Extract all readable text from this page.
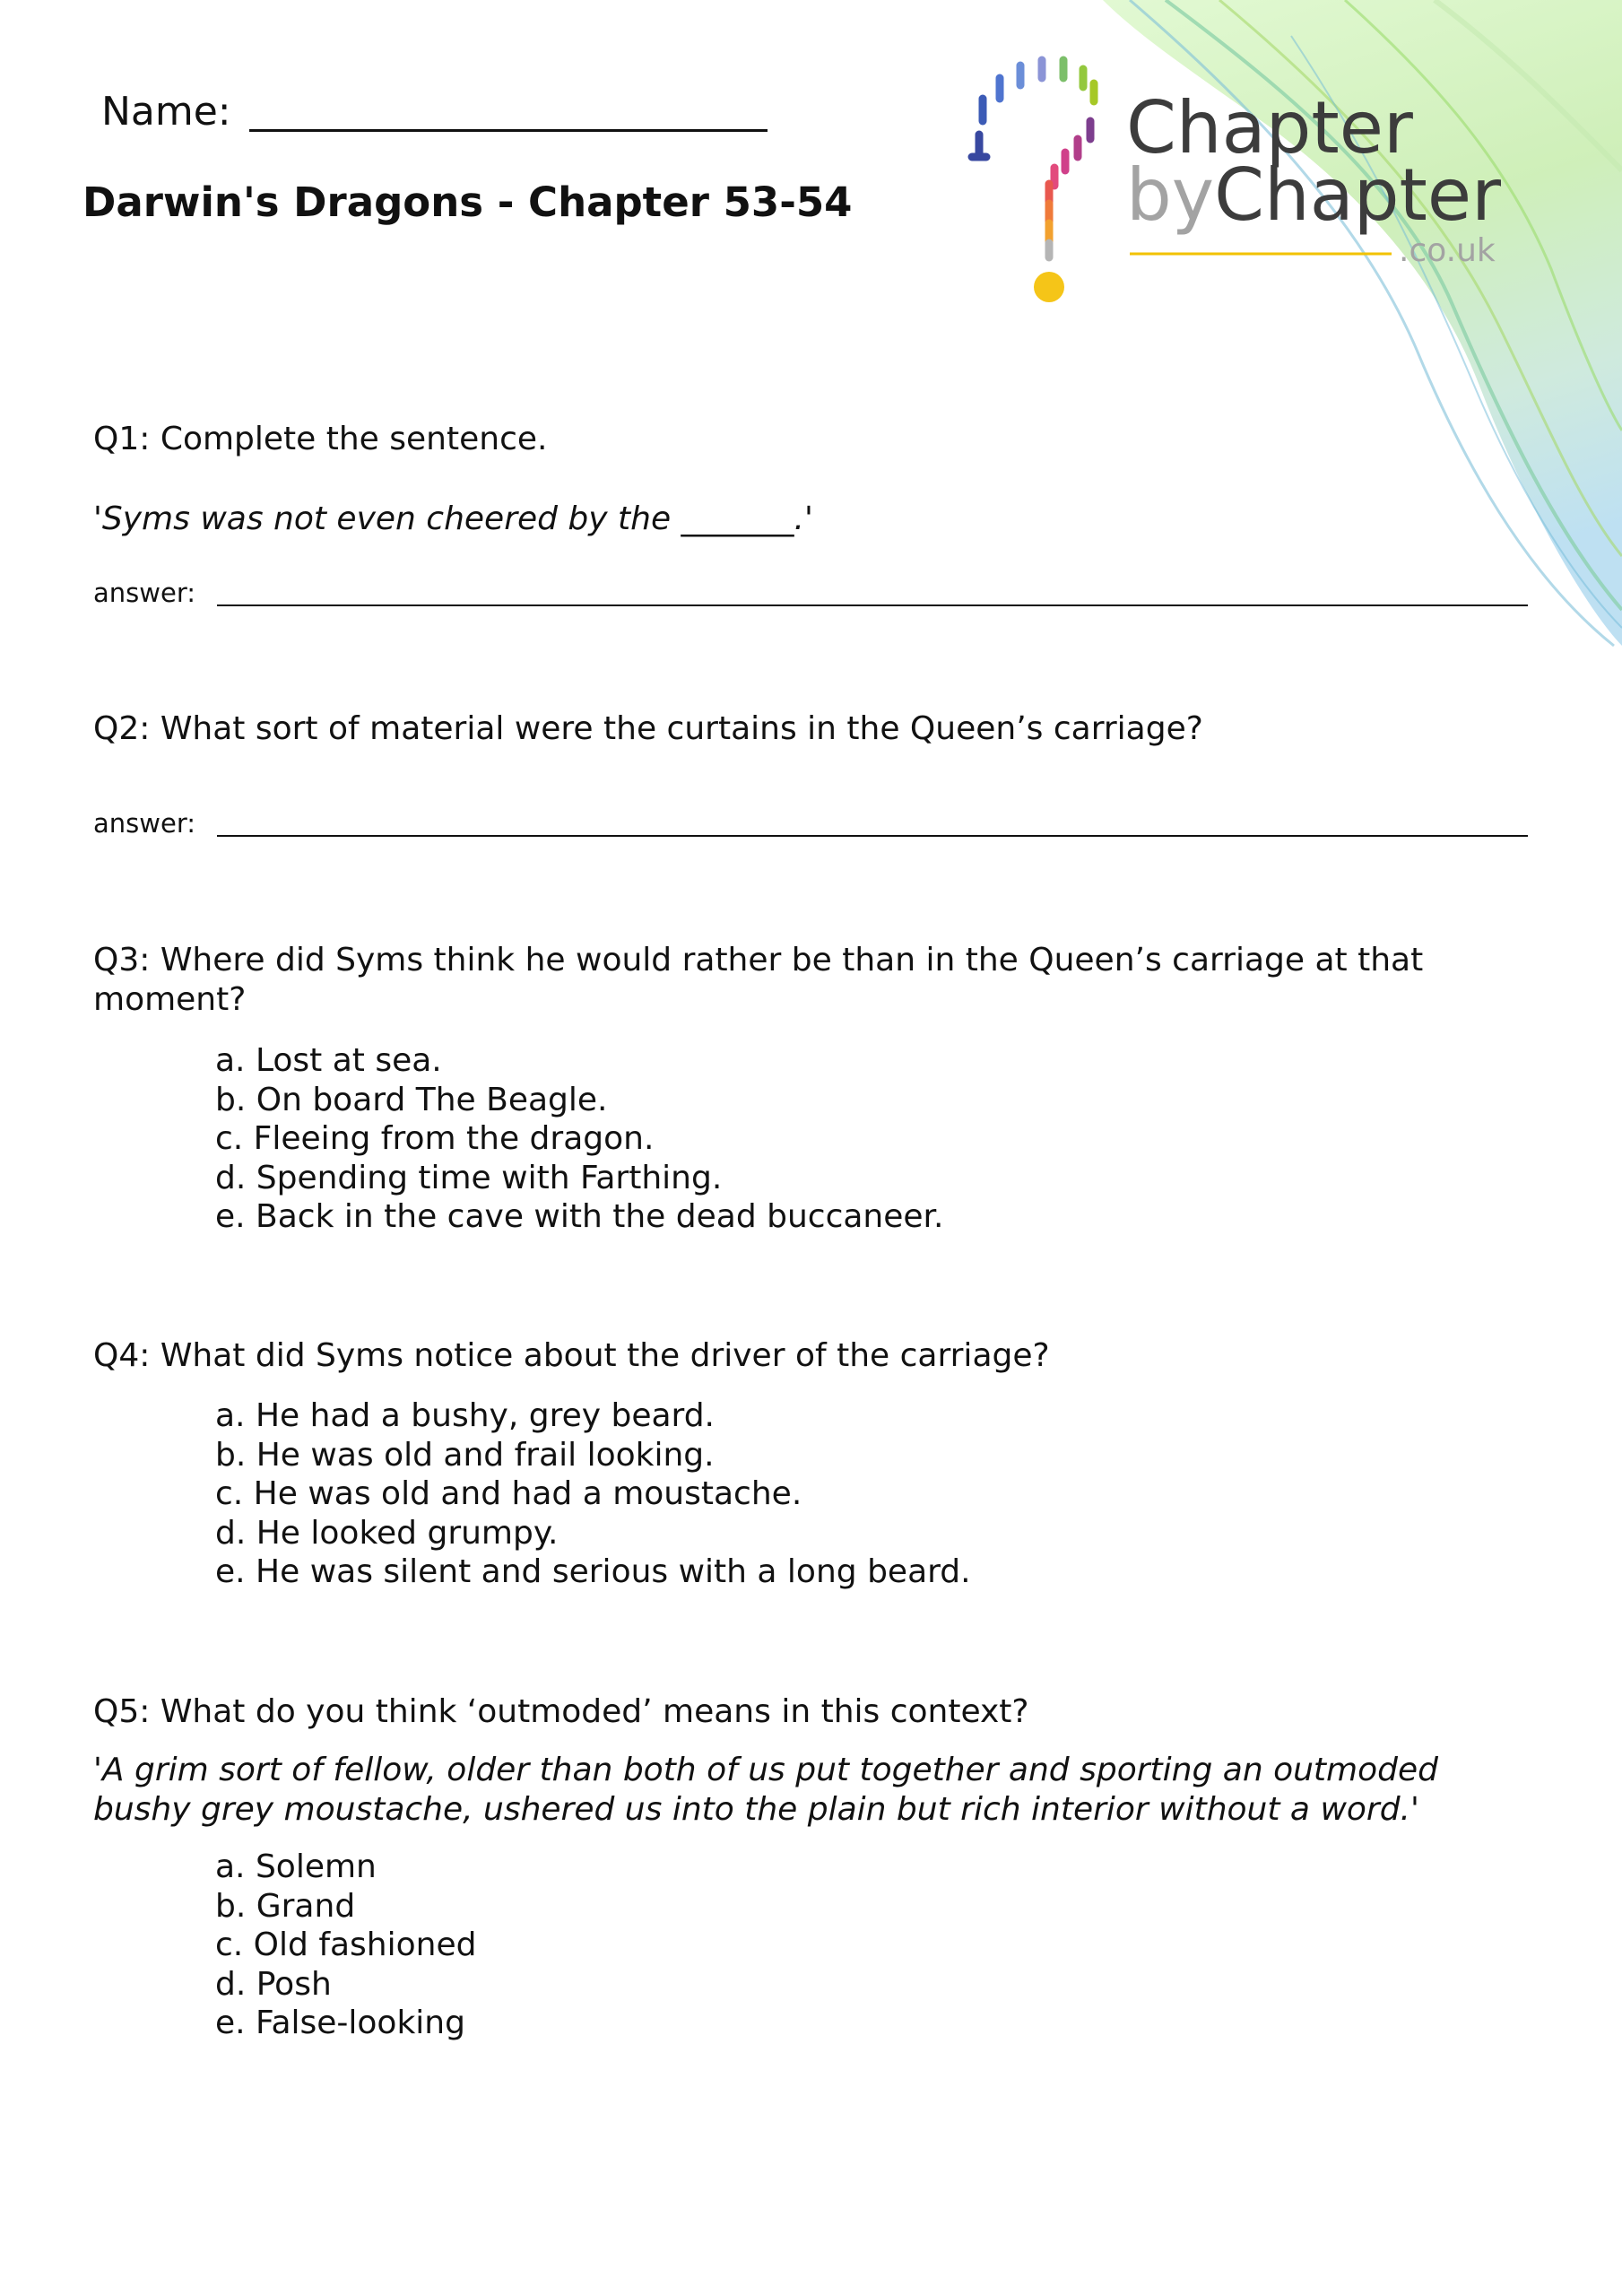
Name:
Darwin's Dragons - Chapter 53-54
Chapter
byChapter
.co.uk

Q1: Complete the sentence.

'Syms was not even cheered by the _______.'

answer:

Q2: What sort of material were the curtains in the Queen’s carriage?

answer:

Q3: Where did Syms think he would rather be than in the Queen’s carriage at that moment?

a. Lost at sea.
b. On board The Beagle.
c. Fleeing from the dragon.
d. Spending time with Farthing.
e. Back in the cave with the dead buccaneer.

Q4: What did Syms notice about the driver of the carriage?

a. He had a bushy, grey beard.
b. He was old and frail looking.
c. He was old and had a moustache.
d. He looked grumpy.
e. He was silent and serious with a long beard.

Q5: What do you think ‘outmoded’ means in this context?

'A grim sort of fellow, older than both of us put together and sporting an outmoded bushy grey moustache, ushered us into the plain but rich interior without a word.'

a. Solemn
b. Grand
c. Old fashioned
d. Posh
e. False-looking
